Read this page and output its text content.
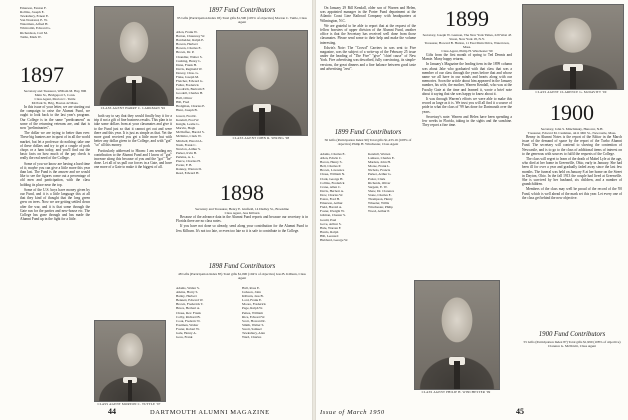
Emerson, Fenton F.
Rollins, Joseph E.
Tewksbury, Ernest E.
Van Nostrand, E. W.
Waterman, Alfred H.
Whitcomb, Edward G.
Richardson, Carl M.
Tuttle, Mark W.
1897
Secretary and Treasurer, William M. Hay, 806 Main St., Bridgeport 5, Conn.
Class Agent, Morton C. Tuttle
Mt Park St, Brig, Boston 42 Mass.

In this issue of your letter, we are starting out the campaign to raise the Alumni Fund, we ought to look back to the last year's program. Our College is in the same "predicament" as some of the returning veterans are, and that is now "preliminaries".

The dollar we are trying to better than ever. These big hunters are in quest of in all the world market, but let a professor do nothing; take one of these dollars and try to get a couple of pork chops or a ham today, and you'll find out the basic facts on how much of the pay check is really the real need of the College.

Some of you we know are having a hard time of it; maybe you can give a little more this year than last. The Fund is the answer and we would like to see the figures come out a percentage of old men and participation, with the class holding its place near the top.

Some of the U.S. boys have money given by our Fund, and it is a little language this at all that they kind of thought that the long green grew on trees. Now we are getting settled down after the war, and it is that some through the Gate run for the parties and new-house etc. The College has gone through and has made the Alumni Fund up in the fight for a little.

CLASS AGENT HARRY C. LARKMAN '96

both say to say that they would finally buy it for a trip if not a gift of fine business results. This plan is to take some dollars from at your classmates and give it to the Fund just so that it cannot get out and were there and this year. It is just as simple as that. Yet the more good received you get a little more but with better any dollar given to the College, and with "got" "so" all this money.

Particularly addressed to Hiram: I am sending my contribution to the Alumni Fund and I know of "got" increase along this because of you and the "got" "he" done. Let all of us pull our forces in a Gate, and have one more of a Gate to make it the biggest of all.

CLASS AGENT MORTON C. TUTTLE '97
1897 Fund Contributors
95 Gifts (Participation Index 93) Total gifts $1,590 (105% of objective) Morton C. Tuttle, Class Agent
Allen, Frank W.
Barton, Chauncey W.
Batchelder, Ralph E.
Bowen, Herbert
Bowen, Charles E.
Brown, Dr. P.
Chandler, Walter S.
Cushing, Henry L.
Dana, Frank H.
Davis, Reginald W.
Dewey, Chas. G.
Fiske, Joseph M.
Fletcher, Edward G.
Fuller, Frederick
Goodrich, Bertram F.
Goodell, Charles H.
Hall, Oliver
Hill, Fred
Hodgman, Charles E.
Hunt, Joseph B.
CLASS AGENT JOHN R. SPRING '98
Jewett, Fred R.
Kendall, Fred W.
Knight, Leslie G.
Marvin, Hugh
McDuffee, Harold S.
McIntire, Clark W.
Mitchell, Harold A.
Nash, Frank C.
Newton, Arthur S.
Parker, Irvin B.
Perkins, A. L.
Pierce, Charles H.
Porter, F. B.
Ranney, Warren D.
Reed, Edward H.
1898
Secretary and Treasurer, Henry E. Ginfield, 14 Dudley St., Brookline
Class Agent, Jess Kilburn

Because of the advance data in the Alumni Fund reports and because our secretary is in Florida there are no class notes.

If you have not done so already, send along your contribution for the Alumni Fund to Jess Kilburn. It's not too late, or even too late so it is safe to contribute to the College.

1898 Fund Contributors
48 Gifts (Participation Index 85) Total gifts $1,090 (104% of objective) Jess B. Kilburn, Class Agent
Adams, Walter S.
Atkins, Harry S.
Bailey, Herbert
Bennett, Edward W.
Brown, Frederick T.
Bruce, Herbert A.
Chase, Rev. Frank
Colby, Richard B.
Cook, Frederic N.
Eastman, Walter
Foster, Robert W.
Gale, Henry A.
Goss, Frank
Hall, Ross E.
Jackson, John
Kilburn, Jess B.
Lord, Frank E.
Moore, Frederick
Page, Ralph W.
Pettee, William
Rice, Edward W.
Scott, Howard R.
Smith, Walter S.
Swett, Samuel
Tewksbury, Alan
Ward, Charles
44	DARTMOUTH ALUMNI MAGAZINE

On January 29 Bill Kendall, older son of Warren and Helen, was appointed manager in the Porter Fund department at the Atlantic Coast Line Railroad Company with headquarters at Wilmington, N.C.

We are grateful to be able to report that at the request of the fellow boosters of upper division of the Alumni Fund, another office is that the Secretary has received well done from those classmates. Please send some to their help and make the volume interesting.

Edwin's Note: The "Crowd" Carriers in was sent to Five magazine, was the subject of a write-up of the February 25 issue under the heading of "The Five" "give" "chief cause" of New York. Five advertising was described, fully convincing, its simple-versions, the great dinners and a fine balance between good taste and advertising "zest".

1899 Fund Contributors
56 Gifts (Participation Index 90) Total gifts $1,433.16 (108% of objective) Philip H. Winchester, Class Agent
Adams, Charles E.
Allen, Edwin C.
Bacon, Henry S.
Bell, Charles P.
Brown, Lawrence
Chase, William N.
Clark, George H.
Collins, Frederick
Crane, Allen C.
Davis, Herbert A.
Dow, Charles W.
Eaton, Fred H.
Emerson, Arthur
Field, Harold A.
Foster, Dwight W.
Gilman, Chester S.
Gould, Paul
Gove, Arthur S.
Hale, Warren F.
Harris, Ralph
Hill, Leonard
Hubbard, George W.
Kendall, Warren
Lamson, Charles E.
Marden, John H.
Morse, Frank L.
Nichols, Francis
Parker, Arthur G.
Potter, Clark
Richards, Oliver
Sargent, E. W.
Shaw, Dr. Clarence
Stone, Charles E.
Thompson, Henry
Wheeler, Willis
Winchester, Philip
Wood, Arthur P.
CLASS AGENT PHILIP H. WINCHESTER '99
1899
Secretary, Joseph W. Gannon, The New York Times, 229 West 43 Street, New York 18, N.Y.
Treasurer, Howard B. Hutton, 11 East Main Drive, Watertown, Mass.
Class Agent, Philip H. Winchester '99

Gifts from the first month of spring to Ted Dennis and Mamie. Many happy returns.

In January's Magazine the leading item in the 1899 column was about Jake who graduated with that class that was a member of our class through the years before that and whose name we all have in our minds and hearts along with our memories. Soon the article about him appeared in the January number, his wife, the mother, Warren Kendall, who was at the Faculty Gate at the time and learned it, wrote a brief note about it saying that she was happy to know about it.

It was through Warren's efforts we were able to make this record as large as it is. We trust you will all find it a source of pride in what the class of '99 has done for Dartmouth over the years.

Secretary's note: Warren and Helen have been spending a few weeks in Florida, taking in the sights and the sunshine. They report a fine time.

CLASS AGENT CLARENCE G. McDAVITT '00
1900
Secretary, John S. Minchinsky, Hanover, N.H.
Treasurer, Edward M. Cushman, 4411 Mill St., Newcastle, Mass.

Benny in Alumni Notes is the report of the Editor in the March issue of the demand of space by the report of the Turbo Alumni Fund. The secretary will contend to shoving the contention of Newcastle, and is to go to the class of additional items of interest on to the generous with sources to fulfil the requests of the College.

The class will regret to learn of the death of Mabel Lyle at the age, who died at her home in Greenville, Ohio, early in January. She had been ill for over a year and gradually faded away since the last few months. The funeral was held on January 8 at her home on the Street in Dayton, Ohio. In the fall 1913 the couple had lived at Greenville. She is survived by her husband, six children, and a number of grandchildren.

Members of the class may well be proud of the record of the '00 Fund, which is well ahead of the mark set this year. Let every one of the class get behind the new objective.

1900 Fund Contributors
55 Gifts (Participation Index 87) Total gifts $1,990 (108% of objective) Clarence G. McDavitt, Class Agent
Issue of March 1950	45
